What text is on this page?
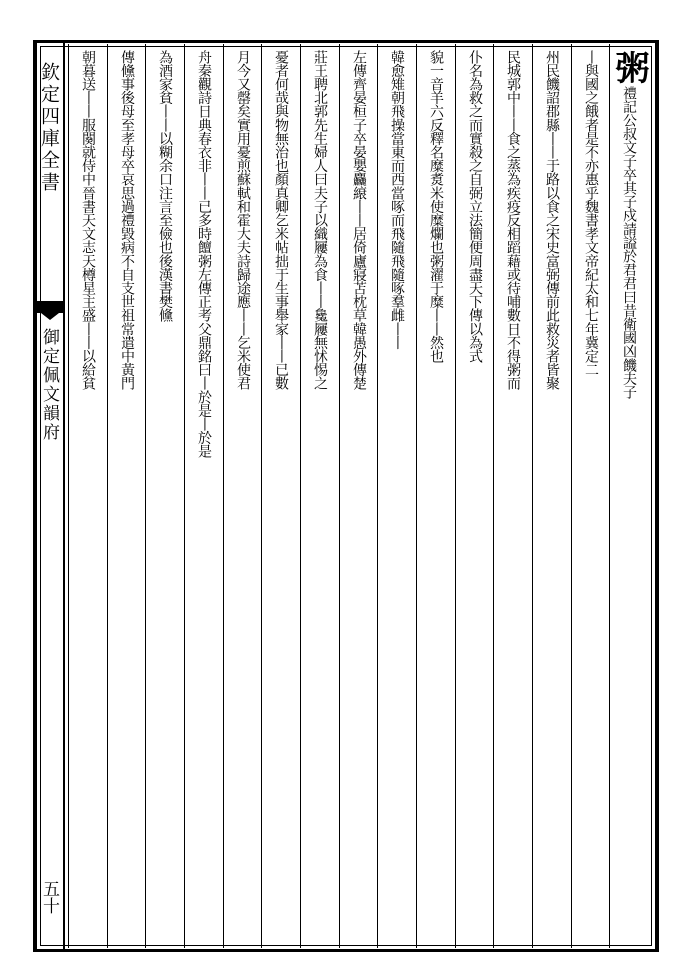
欽定四庫全書
御定佩文韻府
五十
粥禮記公叔文子卒其子戍請謚於君君曰昔衛國凶饑夫子
丨與國之餓者是不亦惠乎魏書孝文帝紀太和七年冀定二
州民饑詔郡縣丨丨于路以食之宋史富弼傳前此救災者皆聚
民城郭中丨丨食之蒸為疾疫反相蹈藉或待哺數日不得粥而
仆名為救之而實殺之自弼立法簡便周盡天下傳以為式
貌一音羊六反釋名糜煑米使糜爛也粥濯于糜丨丨然也
韓愈雉朝飛操當東而西當啄而飛隨飛隨啄羣雌丨丨
左傳齊晏桓子卒晏嬰麤縗丨丨居倚廬寢苫枕草韓愚外傳楚
莊王聘北郭先生婦人曰夫子以織屨為食丨丨毚屨無怵惕之
憂者何哉與物無治也顏真卿乞米帖拙于生事舉家丨丨已數
月今又罄矣實用憂煎蘇軾和霍大夫詩歸途應丨丨乞米使君
舟秦觀詩日典春衣非丨丨已多時饘粥左傳正考父鼎銘曰丨於是丨於是
為酒家貧丨丨以糊余口注言至儉也後漢書樊儵
傳儵事後母至孝母卒哀思過禮毀病不自支世祖常遣中黃門
朝暮送丨丨服闋就侍中晉書天文志天樽星主盛丨丨以給貧
